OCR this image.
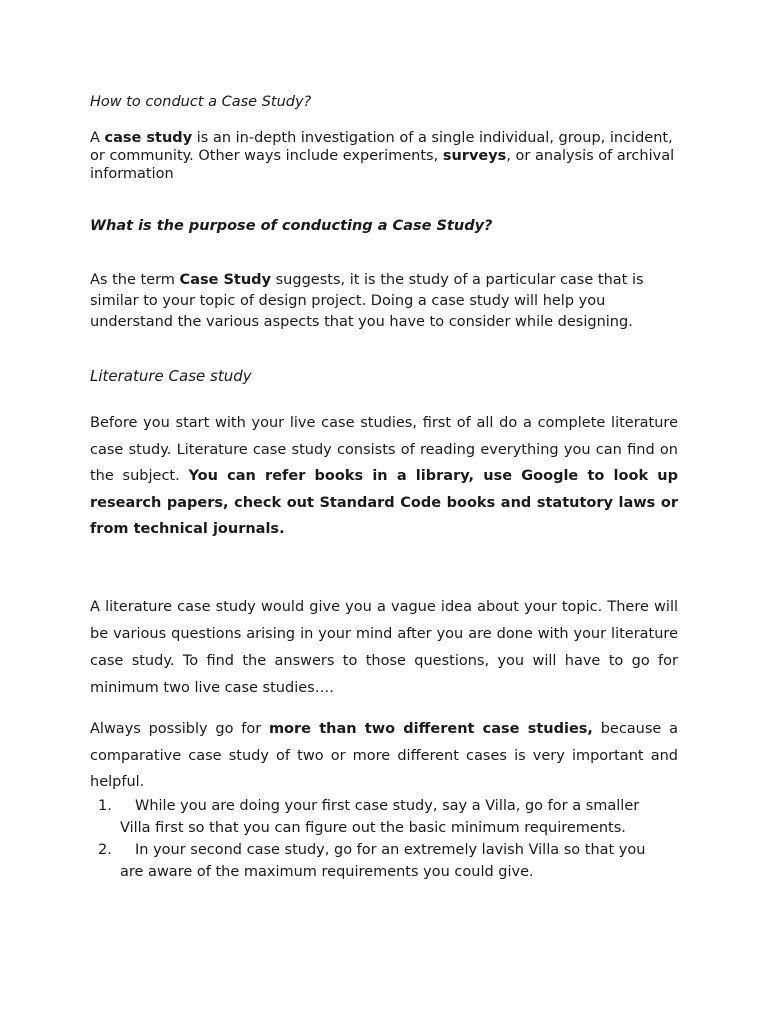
How to conduct a Case Study?

A case study is an in-depth investigation of a single individual, group, incident, or community. Other ways include experiments, surveys, or analysis of archival information

What is the purpose of conducting a Case Study?

As the term Case Study suggests, it is the study of a particular case that is similar to your topic of design project. Doing a case study will help you understand the various aspects that you have to consider while designing.

Literature Case study

Before you start with your live case studies, first of all do a complete literature case study. Literature case study consists of reading everything you can find on the subject. You can refer books in a library, use Google to look up research papers, check out Standard Code books and statutory laws or from technical journals.

A literature case study would give you a vague idea about your topic. There will be various questions arising in your mind after you are done with your literature case study. To find the answers to those questions, you will have to go for minimum two live case studies….

Always possibly go for more than two different case studies, because a comparative case study of two or more different cases is very important and helpful.

1. While you are doing your first case study, say a Villa, go for a smaller
Villa first so that you can figure out the basic minimum requirements.
2. In your second case study, go for an extremely lavish Villa so that you
are aware of the maximum requirements you could give.
